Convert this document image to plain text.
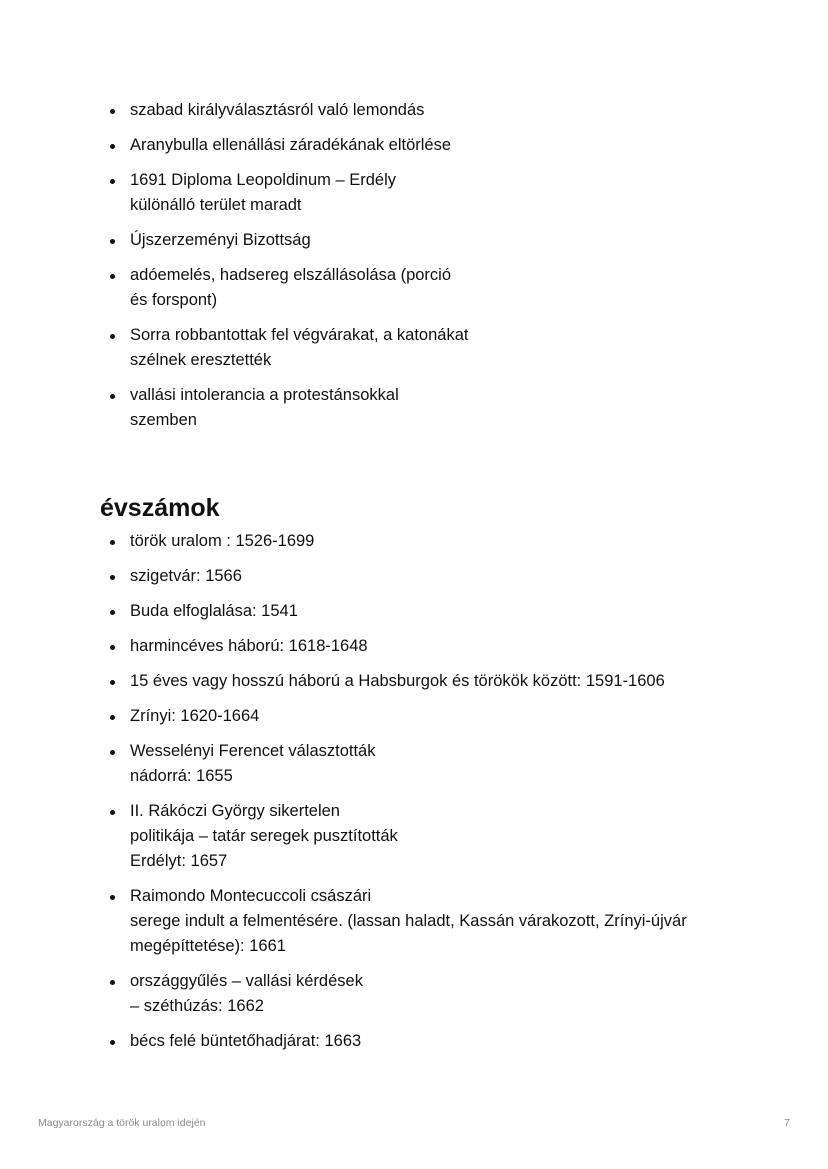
szabad királyválasztásról való lemondás
Aranybulla ellenállási záradékának eltörlése
1691 Diploma Leopoldinum – Erdély
különálló terület maradt
Újszerzeményi Bizottság
adóemelés, hadsereg elszállásolása (porció
és forspont)
Sorra robbantottak fel végvárakat, a katonákat
szélnek eresztették
vallási intolerancia a protestánsokkal
szemben
évszámok
török uralom : 1526-1699
szigetvár: 1566
Buda elfoglalása: 1541
harmincéves háború: 1618-1648
15 éves vagy hosszú háború a Habsburgok és törökök között: 1591-1606
Zrínyi: 1620-1664
Wesselényi Ferencet választották
nádorrá: 1655
II. Rákóczi György sikertelen
politikája – tatár seregek pusztították
Erdélyt: 1657
Raimondo Montecuccoli császári
serege indult a felmentésére. (lassan haladt, Kassán várakozott, Zrínyi-újvár
megépíttetése): 1661
országgyűlés – vallási kérdések
– széthúzás: 1662
bécs felé büntetőhadjárat: 1663
Magyarország a török uralom idején	7
